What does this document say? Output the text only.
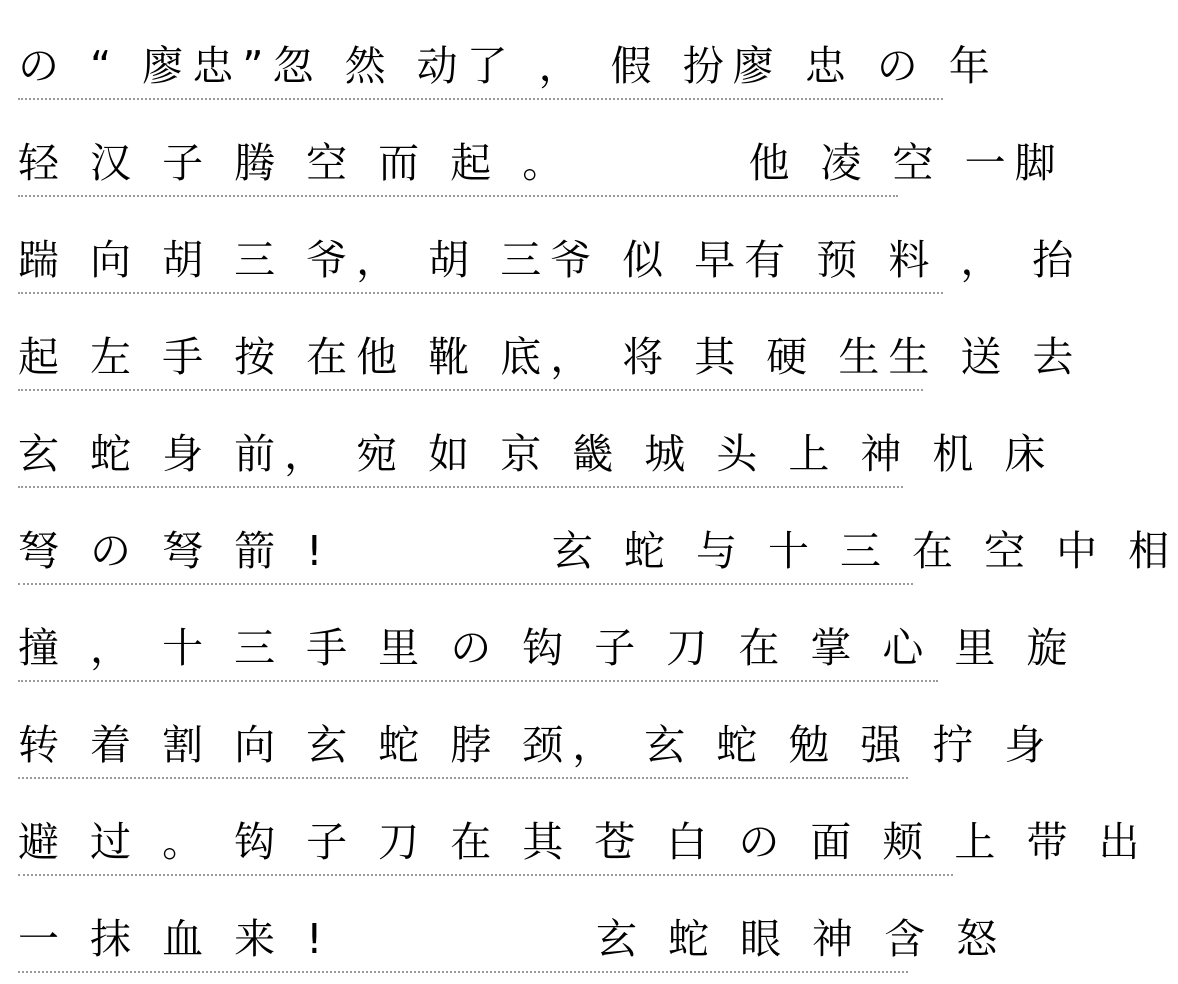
の “ 廖忠”忽 然 动了 ， 假 扮廖 忠 の 年
轻 汉 子 腾 空 而 起 。        他 凌 空 一脚
踹 向 胡 三 爷， 胡 三爷 似 早有 预 料 ， 抬
起 左 手 按 在他 靴 底， 将 其 硬 生生 送 去
玄 蛇 身 前， 宛 如 京 畿 城 头 上 神 机 床
弩 の 弩 箭 !          玄 蛇 与 十 三 在 空 中 相
撞 ， 十 三 手 里 の 钩 子 刀 在 掌 心 里 旋
转 着 割 向 玄 蛇 脖 颈， 玄 蛇 勉 强 拧 身
避 过 。 钩 子 刀 在 其 苍 白 の 面 颊 上 带 出
一 抹 血 来 !            玄 蛇 眼 神 含 怒
